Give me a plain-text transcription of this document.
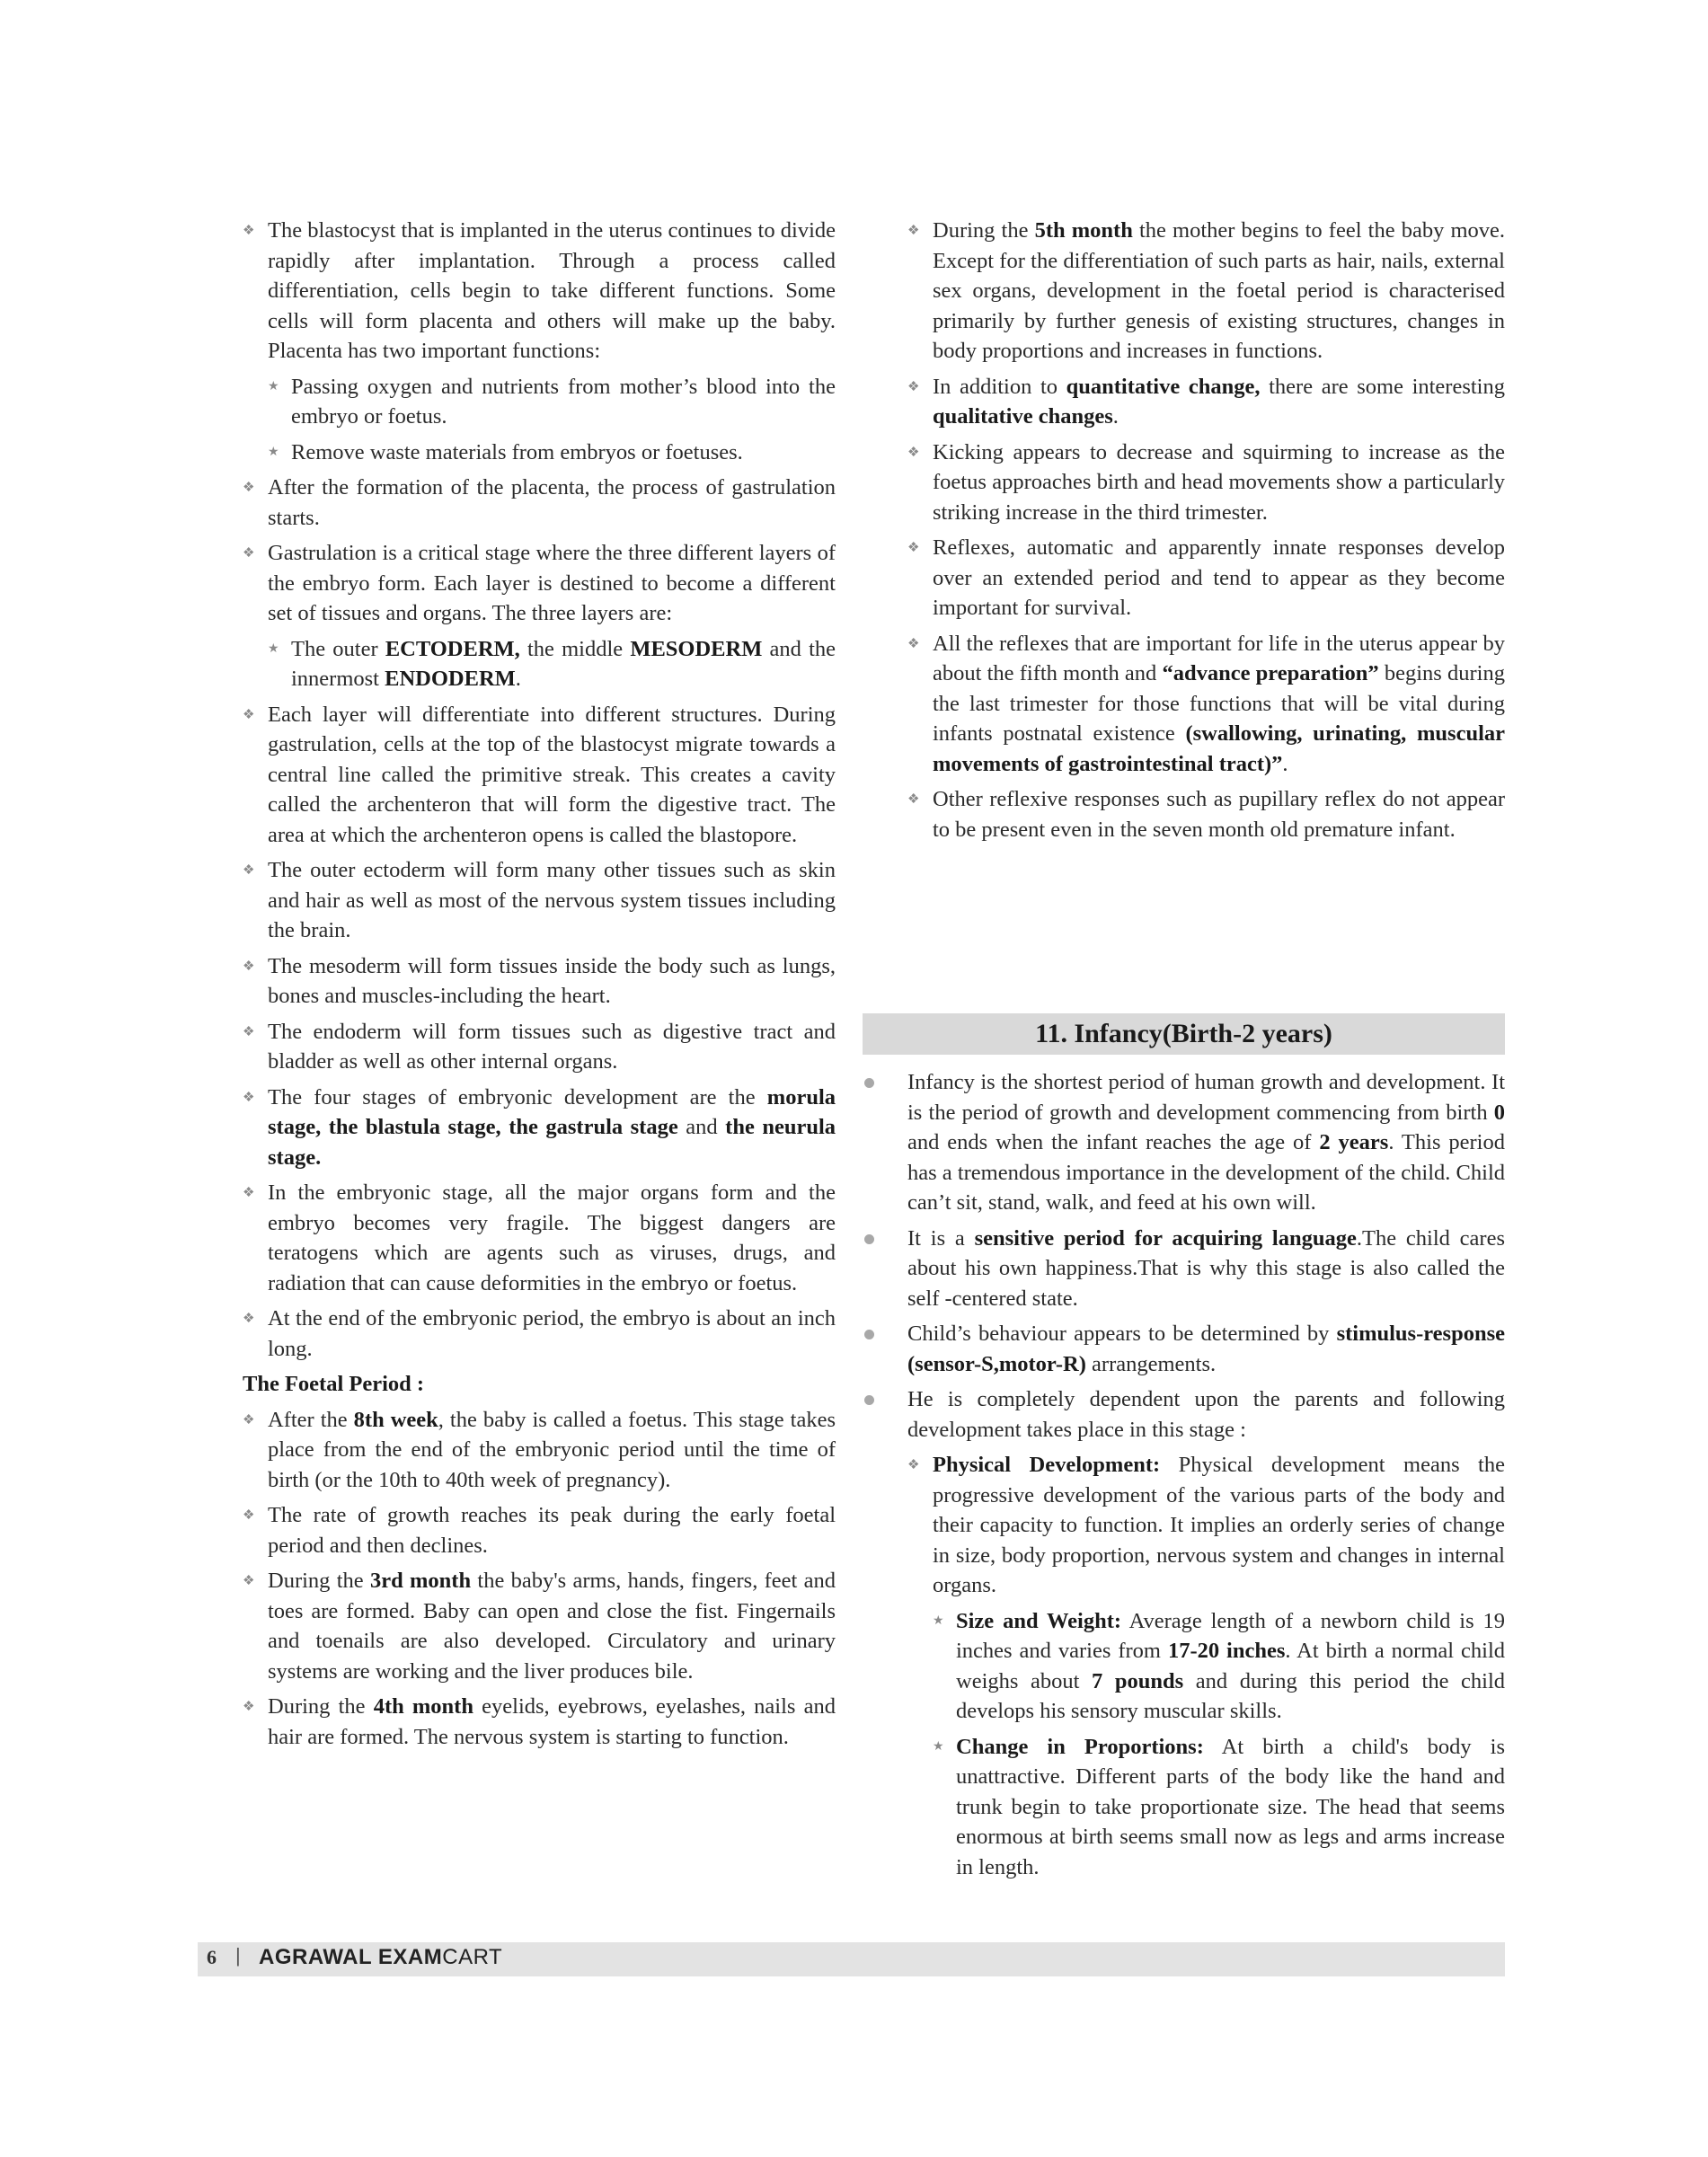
❖ The blastocyst that is implanted in the uterus continues to divide rapidly after implantation. Through a process called differentiation, cells begin to take different functions. Some cells will form placenta and others will make up the baby. Placenta has two important functions:
★ Passing oxygen and nutrients from mother’s blood into the embryo or foetus.
★ Remove waste materials from embryos or foetuses.
❖ After the formation of the placenta, the process of gastrulation starts.
❖ Gastrulation is a critical stage where the three different layers of the embryo form. Each layer is destined to become a different set of tissues and organs. The three layers are:
★ The outer ECTODERM, the middle MESODERM and the innermost ENDODERM.
❖ Each layer will differentiate into different structures. During gastrulation, cells at the top of the blastocyst migrate towards a central line called the primitive streak. This creates a cavity called the archenteron that will form the digestive tract. The area at which the archenteron opens is called the blastopore.
❖ The outer ectoderm will form many other tissues such as skin and hair as well as most of the nervous system tissues including the brain.
❖ The mesoderm will form tissues inside the body such as lungs, bones and muscles-including the heart.
❖ The endoderm will form tissues such as digestive tract and bladder as well as other internal organs.
❖ The four stages of embryonic development are the morula stage, the blastula stage, the gastrula stage and the neurula stage.
❖ In the embryonic stage, all the major organs form and the embryo becomes very fragile. The biggest dangers are teratogens which are agents such as viruses, drugs, and radiation that can cause deformities in the embryo or foetus.
❖ At the end of the embryonic period, the embryo is about an inch long.
The Foetal Period :
❖ After the 8th week, the baby is called a foetus. This stage takes place from the end of the embryonic period until the time of birth (or the 10th to 40th week of pregnancy).
❖ The rate of growth reaches its peak during the early foetal period and then declines.
❖ During the 3rd month the baby's arms, hands, fingers, feet and toes are formed. Baby can open and close the fist. Fingernails and toenails are also developed. Circulatory and urinary systems are working and the liver produces bile.
❖ During the 4th month eyelids, eyebrows, eyelashes, nails and hair are formed. The nervous system is starting to function.
❖ During the 5th month the mother begins to feel the baby move. Except for the differentiation of such parts as hair, nails, external sex organs, development in the foetal period is characterised primarily by further genesis of existing structures, changes in body proportions and increases in functions.
❖ In addition to quantitative change, there are some interesting qualitative changes.
❖ Kicking appears to decrease and squirming to increase as the foetus approaches birth and head movements show a particularly striking increase in the third trimester.
❖ Reflexes, automatic and apparently innate responses develop over an extended period and tend to appear as they become important for survival.
❖ All the reflexes that are important for life in the uterus appear by about the fifth month and “advance preparation” begins during the last trimester for those functions that will be vital during infants postnatal existence (swallowing, urinating, muscular movements of gastrointestinal tract)”.
❖ Other reflexive responses such as pupillary reflex do not appear to be present even in the seven month old premature infant.
11. Infancy(Birth-2 years)
Infancy is the shortest period of human growth and development. It is the period of growth and development commencing from birth 0 and ends when the infant reaches the age of 2 years. This period has a tremendous importance in the development of the child. Child can’t sit, stand, walk, and feed at his own will.
It is a sensitive period for acquiring language.The child cares about his own happiness.That is why this stage is also called the self -centered state.
Child’s behaviour appears to be determined by stimulus-response (sensor-S,motor-R) arrangements.
He is completely dependent upon the parents and following development takes place in this stage :
❖ Physical Development: Physical development means the progressive development of the various parts of the body and their capacity to function. It implies an orderly series of change in size, body proportion, nervous system and changes in internal organs.
★ Size and Weight: Average length of a newborn child is 19 inches and varies from 17-20 inches. At birth a normal child weighs about 7 pounds and during this period the child develops his sensory muscular skills.
★ Change in Proportions: At birth a child's body is unattractive. Different parts of the body like the hand and trunk begin to take proportionate size. The head that seems enormous at birth seems small now as legs and arms increase in length.
6 | AGRAWAL EXAMCART
